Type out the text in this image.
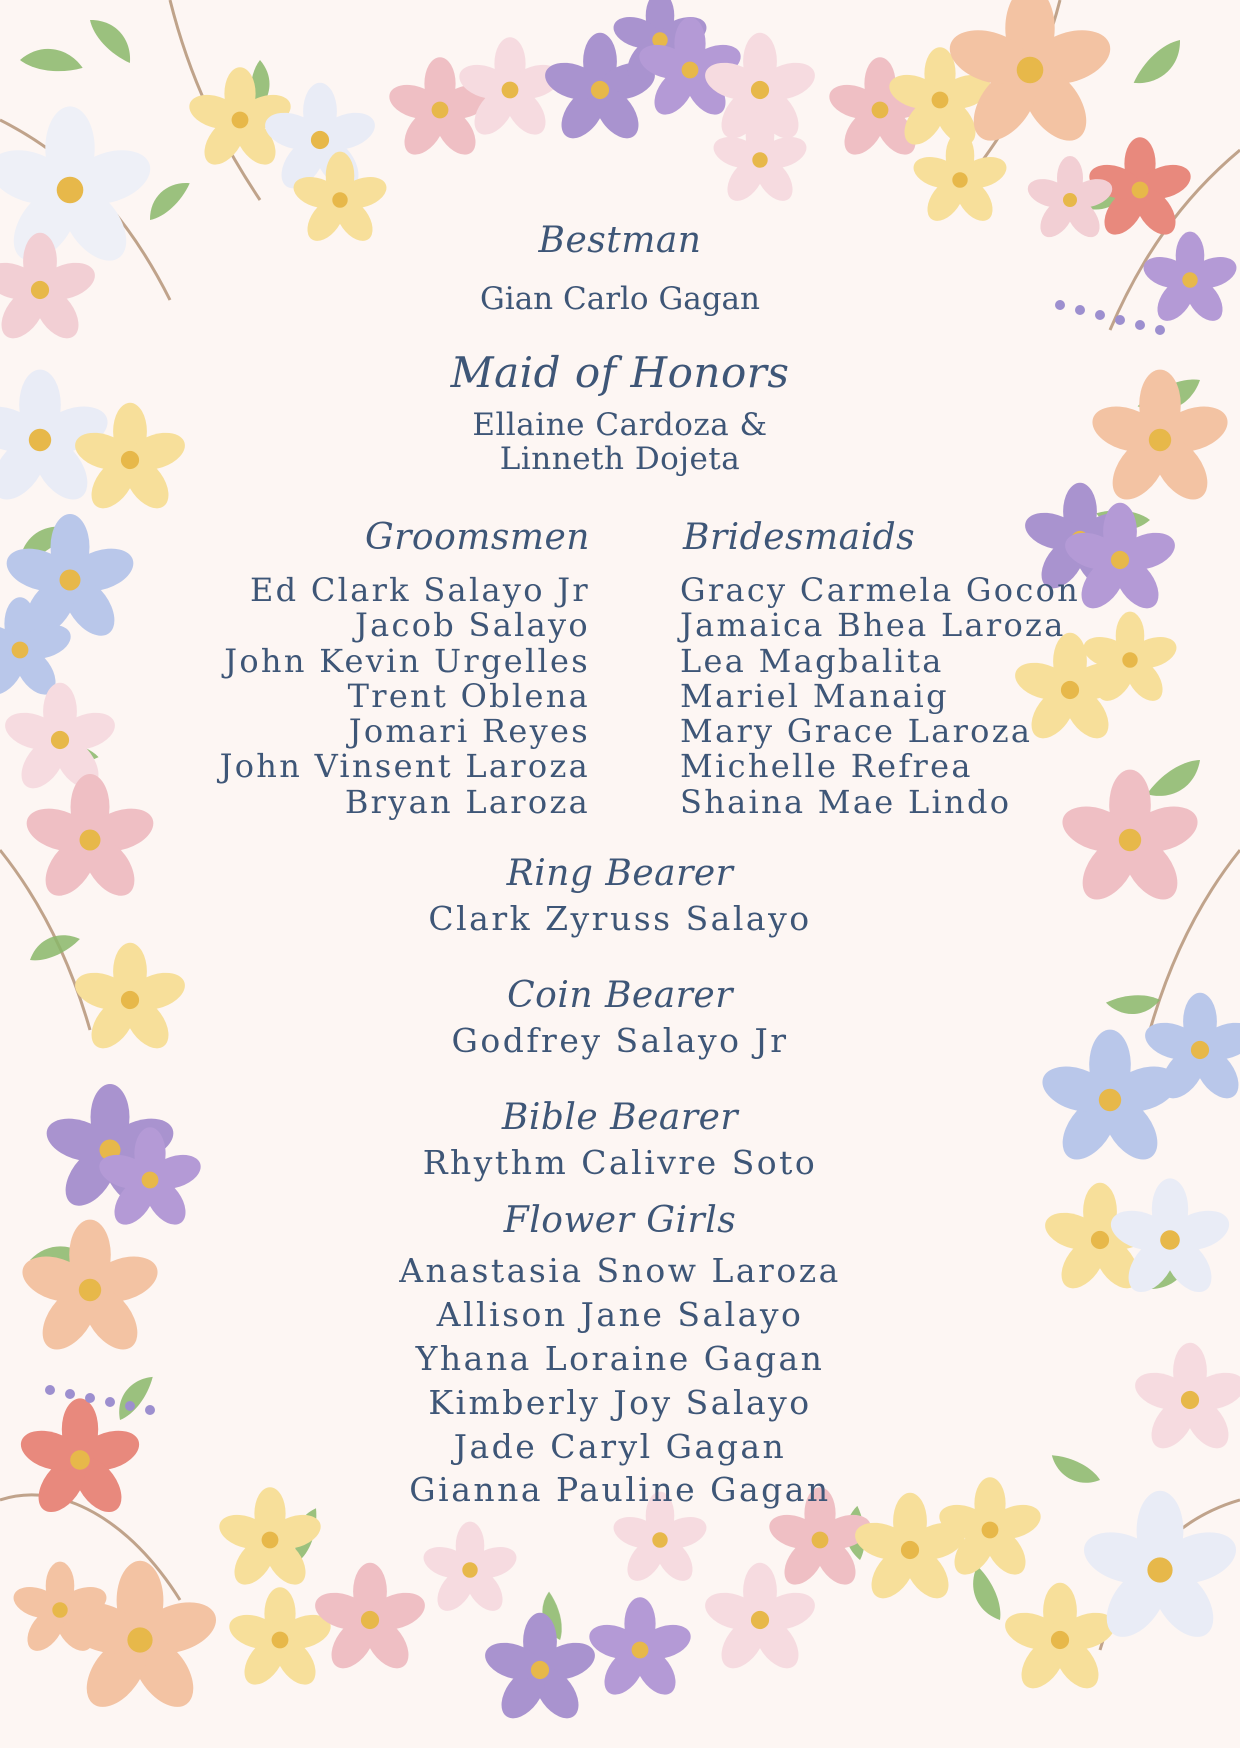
Bestman
Gian Carlo Gagan
Maid of Honors
Ellaine Cardoza &
Linneth Dojeta
Groomsmen	Bridesmaids
Ed Clark Salayo Jr
Jacob Salayo
John Kevin Urgelles
Trent Oblena
Jomari Reyes
John Vinsent Laroza
Bryan Laroza
Gracy Carmela Gocon
Jamaica Bhea Laroza
Lea Magbalita
Mariel Manaig
Mary Grace Laroza
Michelle Refrea
Shaina Mae Lindo
Ring Bearer
Clark Zyruss Salayo
Coin Bearer
Godfrey Salayo Jr
Bible Bearer
Rhythm Calivre Soto
Flower Girls
Anastasia Snow Laroza
Allison Jane Salayo
Yhana Loraine Gagan
Kimberly Joy Salayo
Jade Caryl Gagan
Gianna Pauline Gagan
